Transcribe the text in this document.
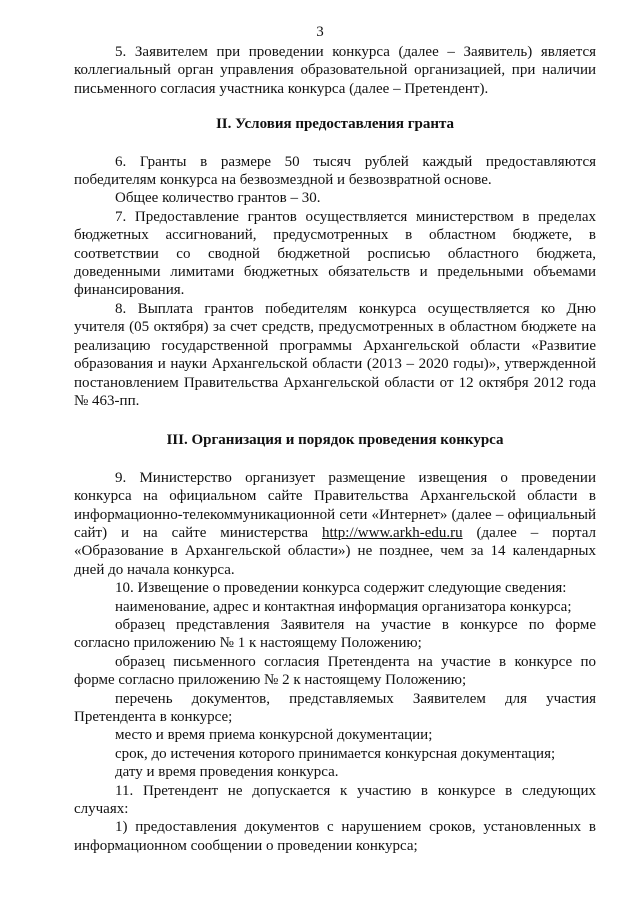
3

5. Заявителем при проведении конкурса (далее – Заявитель) является коллегиальный орган управления образовательной организацией, при наличии письменного согласия участника конкурса (далее – Претендент).

II. Условия предоставления гранта

6. Гранты в размере 50 тысяч рублей каждый предоставляются победителям конкурса на безвозмездной и безвозвратной основе.

Общее количество грантов – 30.

7. Предоставление грантов осуществляется министерством в пределах бюджетных ассигнований, предусмотренных в областном бюджете, в соответствии со сводной бюджетной росписью областного бюджета, доведенными лимитами бюджетных обязательств и предельными объемами финансирования.

8. Выплата грантов победителям конкурса осуществляется ко Дню учителя (05 октября) за счет средств, предусмотренных в областном бюджете на реализацию государственной программы Архангельской области «Развитие образования и науки Архангельской области (2013 – 2020 годы)», утвержденной постановлением Правительства Архангельской области от 12 октября 2012 года № 463-пп.

III. Организация и порядок проведения конкурса

9. Министерство организует размещение извещения о проведении конкурса на официальном сайте Правительства Архангельской области в информационно-телекоммуникационной сети «Интернет» (далее – официальный сайт) и на сайте министерства http://www.arkh-edu.ru (далее – портал «Образование в Архангельской области») не позднее, чем за 14 календарных дней до начала конкурса.

10. Извещение о проведении конкурса содержит следующие сведения:

наименование, адрес и контактная информация организатора конкурса;

образец представления Заявителя на участие в конкурсе по форме согласно приложению № 1 к настоящему Положению;

образец письменного согласия Претендента на участие в конкурсе по форме согласно приложению № 2 к настоящему Положению;

перечень документов, представляемых Заявителем для участия Претендента в конкурсе;

место и время приема конкурсной документации;

срок, до истечения которого принимается конкурсная документация;

дату и время проведения конкурса.

11. Претендент не допускается к участию в конкурсе в следующих случаях:

1) предоставления документов с нарушением сроков, установленных в информационном сообщении о проведении конкурса;
